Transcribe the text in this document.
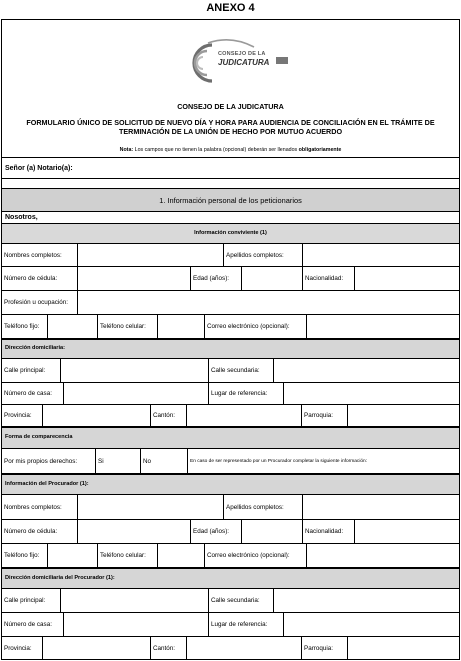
ANEXO 4
CONSEJO DE LA
JUDICATURA
CONSEJO DE LA JUDICATURA
FORMULARIO ÚNICO DE SOLICITUD DE NUEVO DÍA Y HORA PARA AUDIENCIA DE CONCILIACIÓN EN EL TRÁMITE DE
TERMINACIÓN DE LA UNIÓN DE HECHO POR MUTUO ACUERDO
Nota: Los campos que no tienen la palabra (opcional) deberán ser llenados obligatoriamente
Señor (a) Notario(a):
1. Información personal de los peticionarios
Nosotros,
Información conviviente (1)
Nombres completos:	Apellidos completos:
Número de cédula:	Edad (años):	Nacionalidad:
Profesión u ocupación:
Teléfono fijo:	Teléfono celular:	Correo electrónico (opcional):
Dirección domiciliaria:
Calle principal:	Calle secundaria:
Número de casa:	Lugar de referencia:
Provincia:	Cantón:	Parroquia:
Forma de comparecencia
Por mis propios derechos:	Si	No	En caso de ser representado por un Procurador completar la siguiente información:
Información del Procurador (1):
Nombres completos:	Apellidos completos:
Número de cédula:	Edad (años):	Nacionalidad:
Teléfono fijo:	Teléfono celular:	Correo electrónico (opcional):
Dirección domiciliaria del Procurador (1):
Calle principal:	Calle secundaria:
Número de casa:	Lugar de referencia:
Provincia:	Cantón:	Parroquia:
